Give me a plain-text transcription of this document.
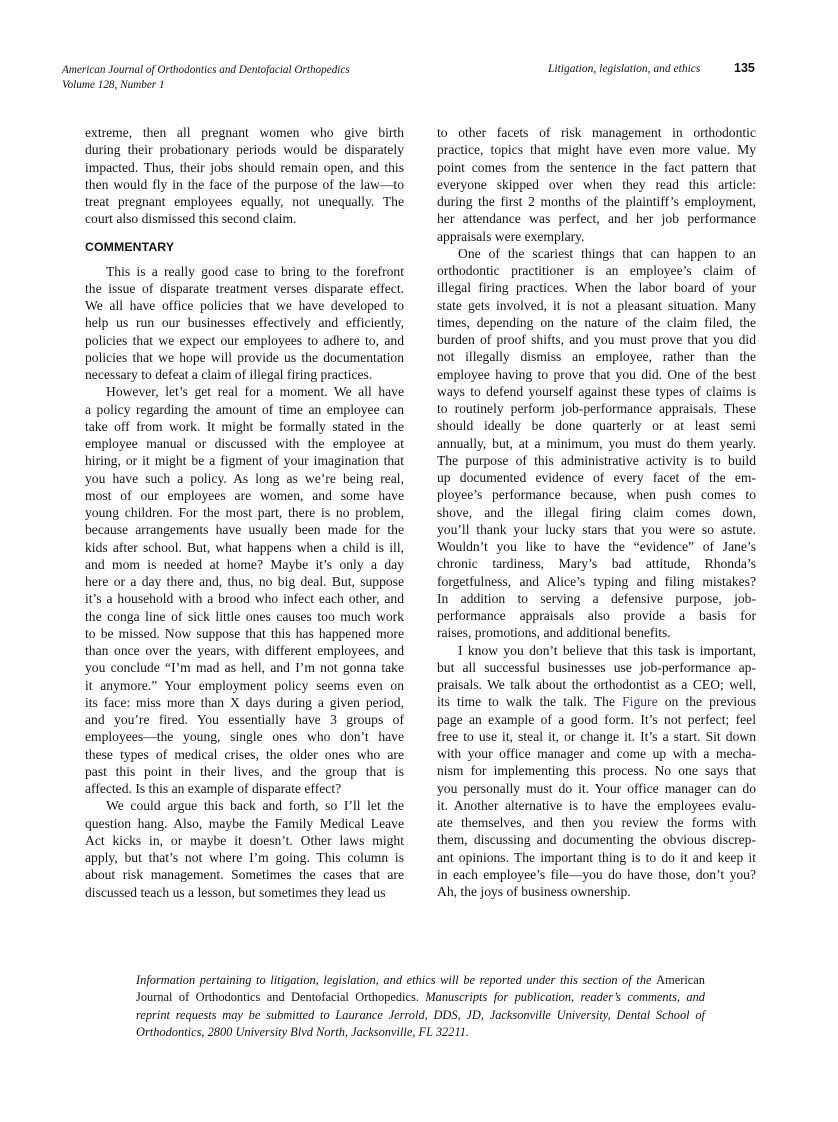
American Journal of Orthodontics and Dentofacial Orthopedics
Volume 128, Number 1
Litigation, legislation, and ethics	135
extreme, then all pregnant women who give birth
during their probationary periods would be disparately
impacted. Thus, their jobs should remain open, and this
then would fly in the face of the purpose of the law—to
treat pregnant employees equally, not unequally. The
court also dismissed this second claim.
COMMENTARY
This is a really good case to bring to the forefront
the issue of disparate treatment verses disparate effect.
We all have office policies that we have developed to
help us run our businesses effectively and efficiently,
policies that we expect our employees to adhere to, and
policies that we hope will provide us the documentation
necessary to defeat a claim of illegal firing practices.
However, let’s get real for a moment. We all have
a policy regarding the amount of time an employee can
take off from work. It might be formally stated in the
employee manual or discussed with the employee at
hiring, or it might be a figment of your imagination that
you have such a policy. As long as we’re being real,
most of our employees are women, and some have
young children. For the most part, there is no problem,
because arrangements have usually been made for the
kids after school. But, what happens when a child is ill,
and mom is needed at home? Maybe it’s only a day
here or a day there and, thus, no big deal. But, suppose
it’s a household with a brood who infect each other, and
the conga line of sick little ones causes too much work
to be missed. Now suppose that this has happened more
than once over the years, with different employees, and
you conclude “I’m mad as hell, and I’m not gonna take
it anymore.” Your employment policy seems even on
its face: miss more than X days during a given period,
and you’re fired. You essentially have 3 groups of
employees—the young, single ones who don’t have
these types of medical crises, the older ones who are
past this point in their lives, and the group that is
affected. Is this an example of disparate effect?
We could argue this back and forth, so I’ll let the
question hang. Also, maybe the Family Medical Leave
Act kicks in, or maybe it doesn’t. Other laws might
apply, but that’s not where I’m going. This column is
about risk management. Sometimes the cases that are
discussed teach us a lesson, but sometimes they lead us
to other facets of risk management in orthodontic
practice, topics that might have even more value. My
point comes from the sentence in the fact pattern that
everyone skipped over when they read this article:
during the first 2 months of the plaintiff’s employment,
her attendance was perfect, and her job performance
appraisals were exemplary.
One of the scariest things that can happen to an
orthodontic practitioner is an employee’s claim of
illegal firing practices. When the labor board of your
state gets involved, it is not a pleasant situation. Many
times, depending on the nature of the claim filed, the
burden of proof shifts, and you must prove that you did
not illegally dismiss an employee, rather than the
employee having to prove that you did. One of the best
ways to defend yourself against these types of claims is
to routinely perform job-performance appraisals. These
should ideally be done quarterly or at least semi
annually, but, at a minimum, you must do them yearly.
The purpose of this administrative activity is to build
up documented evidence of every facet of the em-
ployee’s performance because, when push comes to
shove, and the illegal firing claim comes down,
you’ll thank your lucky stars that you were so astute.
Wouldn’t you like to have the “evidence” of Jane’s
chronic tardiness, Mary’s bad attitude, Rhonda’s
forgetfulness, and Alice’s typing and filing mistakes?
In addition to serving a defensive purpose, job-
performance appraisals also provide a basis for
raises, promotions, and additional benefits.
I know you don’t believe that this task is important,
but all successful businesses use job-performance ap-
praisals. We talk about the orthodontist as a CEO; well,
its time to walk the talk. The Figure on the previous
page an example of a good form. It’s not perfect; feel
free to use it, steal it, or change it. It’s a start. Sit down
with your office manager and come up with a mecha-
nism for implementing this process. No one says that
you personally must do it. Your office manager can do
it. Another alternative is to have the employees evalu-
ate themselves, and then you review the forms with
them, discussing and documenting the obvious discrep-
ant opinions. The important thing is to do it and keep it
in each employee’s file—you do have those, don’t you?
Ah, the joys of business ownership.
Information pertaining to litigation, legislation, and ethics will be reported under this section of the American
Journal of Orthodontics and Dentofacial Orthopedics. Manuscripts for publication, reader’s comments, and
reprint requests may be submitted to Laurance Jerrold, DDS, JD, Jacksonville University, Dental School of
Orthodontics, 2800 University Blvd North, Jacksonville, FL 32211.
